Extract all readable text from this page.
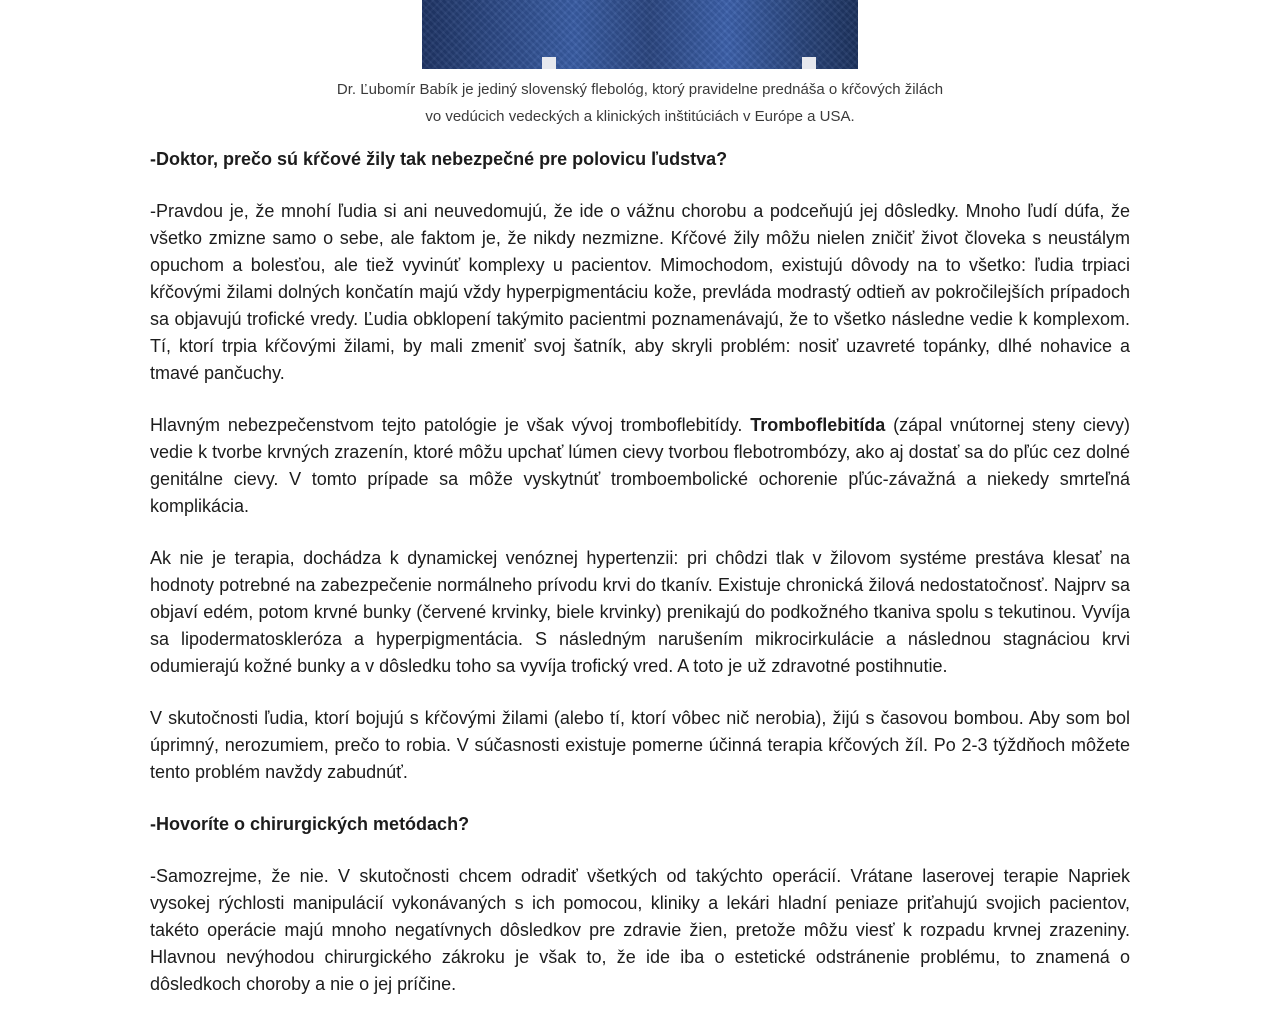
Dr. Ľubomír Babík je jediný slovenský flebológ, ktorý pravidelne prednáša o kŕčových žilách
vo vedúcich vedeckých a klinických inštitúciách v Európe a USA.

-Doktor, prečo sú kŕčové žily tak nebezpečné pre polovicu ľudstva?

-Pravdou je, že mnohí ľudia si ani neuvedomujú, že ide o vážnu chorobu a podceňujú jej dôsledky. Mnoho ľudí dúfa, že všetko zmizne samo o sebe, ale faktom je, že nikdy nezmizne. Kŕčové žily môžu nielen zničiť život človeka s neustálym opuchom a bolesťou, ale tiež vyvinúť komplexy u pacientov. Mimochodom, existujú dôvody na to všetko: ľudia trpiaci kŕčovými žilami dolných končatín majú vždy hyperpigmentáciu kože, prevláda modrastý odtieň av pokročilejších prípadoch sa objavujú trofické vredy. Ľudia obklopení takýmito pacientmi poznamenávajú, že to všetko následne vedie k komplexom. Tí, ktorí trpia kŕčovými žilami, by mali zmeniť svoj šatník, aby skryli problém: nosiť uzavreté topánky, dlhé nohavice a tmavé pančuchy.

Hlavným nebezpečenstvom tejto patológie je však vývoj tromboflebitídy. Tromboflebitída (zápal vnútornej steny cievy) vedie k tvorbe krvných zrazenín, ktoré môžu upchať lúmen cievy tvorbou flebotrombózy, ako aj dostať sa do pľúc cez dolné genitálne cievy. V tomto prípade sa môže vyskytnúť tromboembolické ochorenie pľúc-závažná a niekedy smrteľná komplikácia.

Ak nie je terapia, dochádza k dynamickej venóznej hypertenzii: pri chôdzi tlak v žilovom systéme prestáva klesať na hodnoty potrebné na zabezpečenie normálneho prívodu krvi do tkanív. Existuje chronická žilová nedostatočnosť. Najprv sa objaví edém, potom krvné bunky (červené krvinky, biele krvinky) prenikajú do podkožného tkaniva spolu s tekutinou. Vyvíja sa lipodermatoskleróza a hyperpigmentácia. S následným narušením mikrocirkulácie a následnou stagnáciou krvi odumierajú kožné bunky a v dôsledku toho sa vyvíja trofický vred. A toto je už zdravotné postihnutie.

V skutočnosti ľudia, ktorí bojujú s kŕčovými žilami (alebo tí, ktorí vôbec nič nerobia), žijú s časovou bombou. Aby som bol úprimný, nerozumiem, prečo to robia. V súčasnosti existuje pomerne účinná terapia kŕčových žíl. Po 2-3 týždňoch môžete tento problém navždy zabudnúť.

-Hovoríte o chirurgických metódach?

-Samozrejme, že nie. V skutočnosti chcem odradiť všetkých od takýchto operácií. Vrátane laserovej terapie Napriek vysokej rýchlosti manipulácií vykonávaných s ich pomocou, kliniky a lekári hladní peniaze priťahujú svojich pacientov, takéto operácie majú mnoho negatívnych dôsledkov pre zdravie žien, pretože môžu viesť k rozpadu krvnej zrazeniny. Hlavnou nevýhodou chirurgického zákroku je však to, že ide iba o estetické odstránenie problému, to znamená o dôsledkoch choroby a nie o jej príčine.
